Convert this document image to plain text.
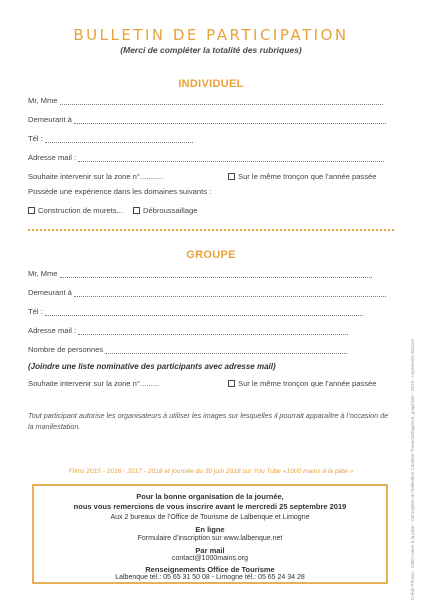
BULLETIN DE PARTICIPATION
(Merci de compléter la totalité des rubriques)
INDIVIDUEL
Mr, Mme
Demeurant à
Tél :
Adresse mail :
Souhaite intervenir sur la zone n°...........	Sur le même tronçon que l’année passée
Possède une expérience dans les domaines suivants :
Construction de murets...	Débroussaillage
GROUPE
Mr, Mme
Demeurant à
Tél :
Adresse mail :
Nombre de personnes
(Joindre une liste nominative des participants avec adresse mail)
Souhaite intervenir sur la zone n°.........	Sur le même tronçon que l’année passée
Tout participant autorise les organisateurs à utiliser les images sur lesquelles il pourrait apparaître à l’occasion de la manifestation.
Films 2015 - 2016 - 2017 - 2018 et journée du 30 juin 2018 sur You Tube «1000 mains à la pâte »
Pour la bonne organisation de la journée,
nous vous remercions de vous inscrire avant le mercredi 25 septembre 2019
Aux 2 bureaux de l’Office de Tourisme de Lalbenque et Limogne
En ligne
Formulaire d’inscription sur www.lalbenque.net
Par mail
contact@1000mains.org
Renseignements Office de Tourisme
Lalbenque tél.: 05 65 31 50 08 - Limogne tél.: 05 65 24 34 28	Crédit Photos : 1000 mains à la pâte - Conception & réalisation Caroline Traversat/agence_graphiste - 2019 - Impression Bozzor
